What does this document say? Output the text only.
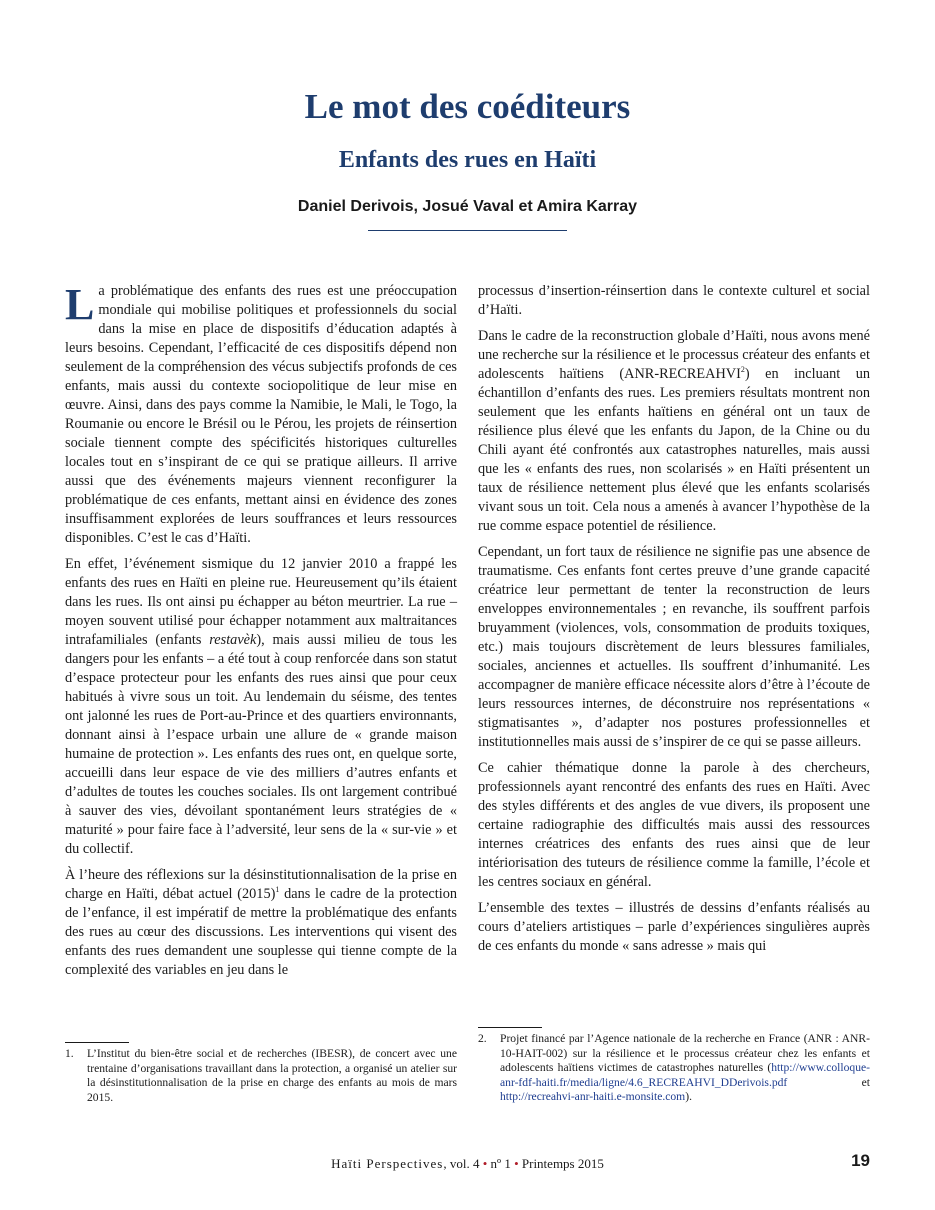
Le mot des coéditeurs
Enfants des rues en Haïti
Daniel Derivois, Josué Vaval et Amira Karray

La problématique des enfants des rues est une préoccupation mondiale qui mobilise politiques et professionnels du social dans la mise en place de dispositifs d’éducation adaptés à leurs besoins. Cependant, l’efficacité de ces dispositifs dépend non seulement de la compréhension des vécus subjectifs profonds de ces enfants, mais aussi du contexte sociopolitique de leur mise en œuvre. Ainsi, dans des pays comme la Namibie, le Mali, le Togo, la Roumanie ou encore le Brésil ou le Pérou, les projets de réinsertion sociale tiennent compte des spécificités historiques culturelles locales tout en s’inspirant de ce qui se pratique ailleurs. Il arrive aussi que des événements majeurs viennent reconfigurer la problématique de ces enfants, mettant ainsi en évidence des zones insuffisamment explorées de leurs souffrances et leurs ressources disponibles. C’est le cas d’Haïti.

En effet, l’événement sismique du 12 janvier 2010 a frappé les enfants des rues en Haïti en pleine rue. Heureusement qu’ils étaient dans les rues. Ils ont ainsi pu échapper au béton meurtrier. La rue – moyen souvent utilisé pour échapper notamment aux maltraitances intrafamiliales (enfants restavèk), mais aussi milieu de tous les dangers pour les enfants – a été tout à coup renforcée dans son statut d’espace protecteur pour les enfants des rues ainsi que pour ceux habitués à vivre sous un toit. Au lendemain du séisme, des tentes ont jalonné les rues de Port-au-Prince et des quartiers environnants, donnant ainsi à l’espace urbain une allure de « grande maison humaine de protection ». Les enfants des rues ont, en quelque sorte, accueilli dans leur espace de vie des milliers d’autres enfants et d’adultes de toutes les couches sociales. Ils ont largement contribué à sauver des vies, dévoilant spontanément leurs stratégies de « maturité » pour faire face à l’adversité, leur sens de la « sur-vie » et du collectif.

À l’heure des réflexions sur la désinstitutionnalisation de la prise en charge en Haïti, débat actuel $(2015)^1$ dans le cadre de la protection de l’enfance, il est impératif de mettre la problématique des enfants des rues au cœur des discussions. Les interventions qui visent des enfants des rues demandent une souplesse qui tienne compte de la complexité des variables en jeu dans le

processus d’insertion-réinsertion dans le contexte culturel et social d’Haïti.

Dans le cadre de la reconstruction globale d’Haïti, nous avons mené une recherche sur la résilience et le processus créateur des enfants et adolescents haïtiens (ANR-RECREAHVI$^2$) en incluant un échantillon d’enfants des rues. Les premiers résultats montrent non seulement que les enfants haïtiens en général ont un taux de résilience plus élevé que les enfants du Japon, de la Chine ou du Chili ayant été confrontés aux catastrophes naturelles, mais aussi que les « enfants des rues, non scolarisés » en Haïti présentent un taux de résilience nettement plus élevé que les enfants scolarisés vivant sous un toit. Cela nous a amenés à avancer l’hypothèse de la rue comme espace potentiel de résilience.

Cependant, un fort taux de résilience ne signifie pas une absence de traumatisme. Ces enfants font certes preuve d’une grande capacité créatrice leur permettant de tenter la reconstruction de leurs enveloppes environnementales ; en revanche, ils souffrent parfois bruyamment (violences, vols, consommation de produits toxiques, etc.) mais toujours discrètement de leurs blessures familiales, sociales, anciennes et actuelles. Ils souffrent d’inhumanité. Les accompagner de manière efficace nécessite alors d’être à l’écoute de leurs ressources internes, de déconstruire nos représentations « stigmatisantes », d’adapter nos postures professionnelles et institutionnelles mais aussi de s’inspirer de ce qui se passe ailleurs.

Ce cahier thématique donne la parole à des chercheurs, professionnels ayant rencontré des enfants des rues en Haïti. Avec des styles différents et des angles de vue divers, ils proposent une certaine radiographie des difficultés mais aussi des ressources internes créatrices des enfants des rues ainsi que de leur intériorisation des tuteurs de résilience comme la famille, l’école et les centres sociaux en général.

L’ensemble des textes – illustrés de dessins d’enfants réalisés au cours d’ateliers artistiques – parle d’expériences singulières auprès de ces enfants du monde « sans adresse » mais qui

1. L’Institut du bien-être social et de recherches (IBESR), de concert avec une trentaine d’organisations travaillant dans la protection, a organisé un atelier sur la désinstitutionnalisation de la prise en charge des enfants au mois de mars 2015.
2. Projet financé par l’Agence nationale de la recherche en France (ANR : ANR-10-HAIT-002) sur la résilience et le processus créateur chez les enfants et adolescents haïtiens victimes de catastrophes naturelles (http://www.colloque-anr-fdf-haiti.fr/media/ligne/4.6_RECREAHVI_DDerivois.pdf et http://recreahvi-anr-haiti.e-monsite.com).
Haïti Perspectives, vol. 4 • nº 1 • Printemps 2015	19
